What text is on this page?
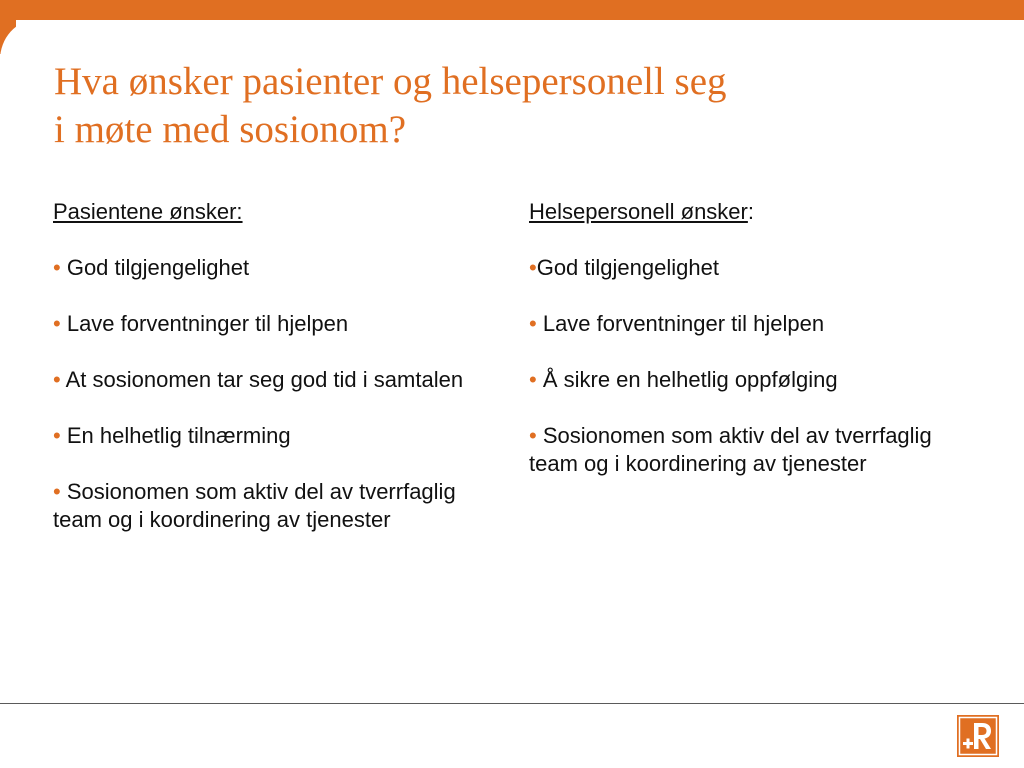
Hva ønsker pasienter og helsepersonell seg
i møte med sosionom?

Pasientene ønsker:

• God tilgjengelighet

• Lave forventninger til hjelpen

• At sosionomen tar seg god tid i samtalen

• En helhetlig tilnærming

• Sosionomen som aktiv del av tverrfaglig team og i koordinering av tjenester

Helsepersonell ønsker:

•God tilgjengelighet

• Lave forventninger til hjelpen

• Å sikre en helhetlig oppfølging

• Sosionomen som aktiv del av tverrfaglig team og i koordinering av tjenester
